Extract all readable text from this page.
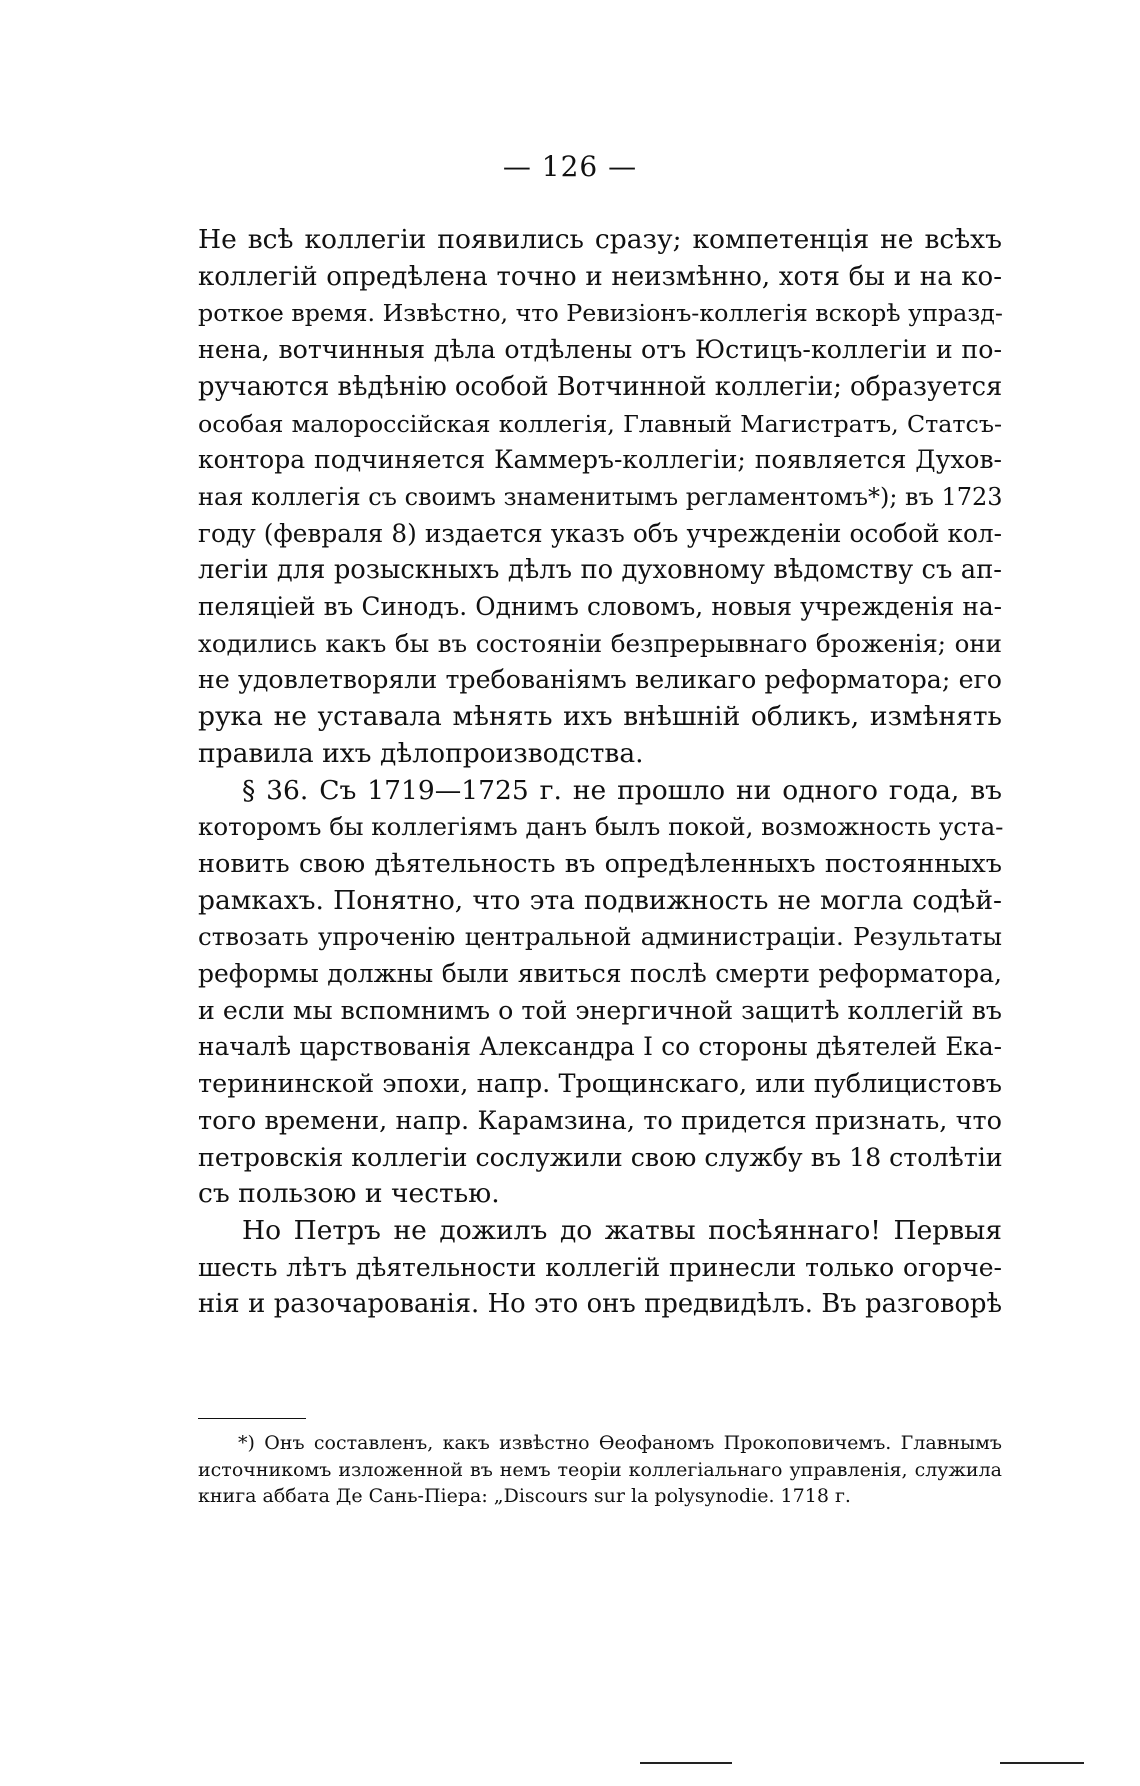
— 126 —
Не всѣ коллегіи появились сразу; компетенція не всѣхъ
коллегій опредѣлена точно и неизмѣнно, хотя бы и на ко-
роткое время. Извѣстно, что Ревизіонъ-коллегія вскорѣ упразд-
нена, вотчинныя дѣла отдѣлены отъ Юстицъ-коллегіи и по-
ручаются вѣдѣнію особой Вотчинной коллегіи; образуется
особая малороссійская коллегія, Главный Магистратъ, Статсъ-
контора подчиняется Каммеръ-коллегіи; появляется Духов-
ная коллегія съ своимъ знаменитымъ регламентомъ*); въ 1723
году (февраля 8) издается указъ объ учрежденіи особой кол-
легіи для розыскныхъ дѣлъ по духовному вѣдомству съ ап-
пеляціей въ Синодъ. Однимъ словомъ, новыя учрежденія на-
ходились какъ бы въ состояніи безпрерывнаго броженія; они
не удовлетворяли требованіямъ великаго реформатора; его
рука не уставала мѣнять ихъ внѣшній обликъ, измѣнять
правила ихъ дѣлопроизводства.
§ 36. Съ 1719—1725 г. не прошло ни одного года, въ
которомъ бы коллегіямъ данъ былъ покой, возможность уста-
новить свою дѣятельность въ опредѣленныхъ постоянныхъ
рамкахъ. Понятно, что эта подвижность не могла содѣй-
ствозать упроченію центральной администраціи. Результаты
реформы должны были явиться послѣ смерти реформатора,
и если мы вспомнимъ о той энергичной защитѣ коллегій въ
началѣ царствованія Александра I со стороны дѣятелей Ека-
терининской эпохи, напр. Трощинскаго, или публицистовъ
того времени, напр. Карамзина, то придется признать, что
петровскія коллегіи сослужили свою службу въ 18 столѣтіи
съ пользою и честью.
Но Петръ не дожилъ до жатвы посѣяннаго! Первыя
шесть лѣтъ дѣятельности коллегій принесли только огорче-
нія и разочарованія. Но это онъ предвидѣлъ. Въ разговорѣ
*) Онъ составленъ, какъ извѣстно Ѳеофаномъ Прокоповичемъ. Главнымъ
источникомъ изложенной въ немъ теоріи коллегіальнаго управленія, служила
книга аббата Де Сань-Піера: „Discours sur la polysynodie. 1718 г.
